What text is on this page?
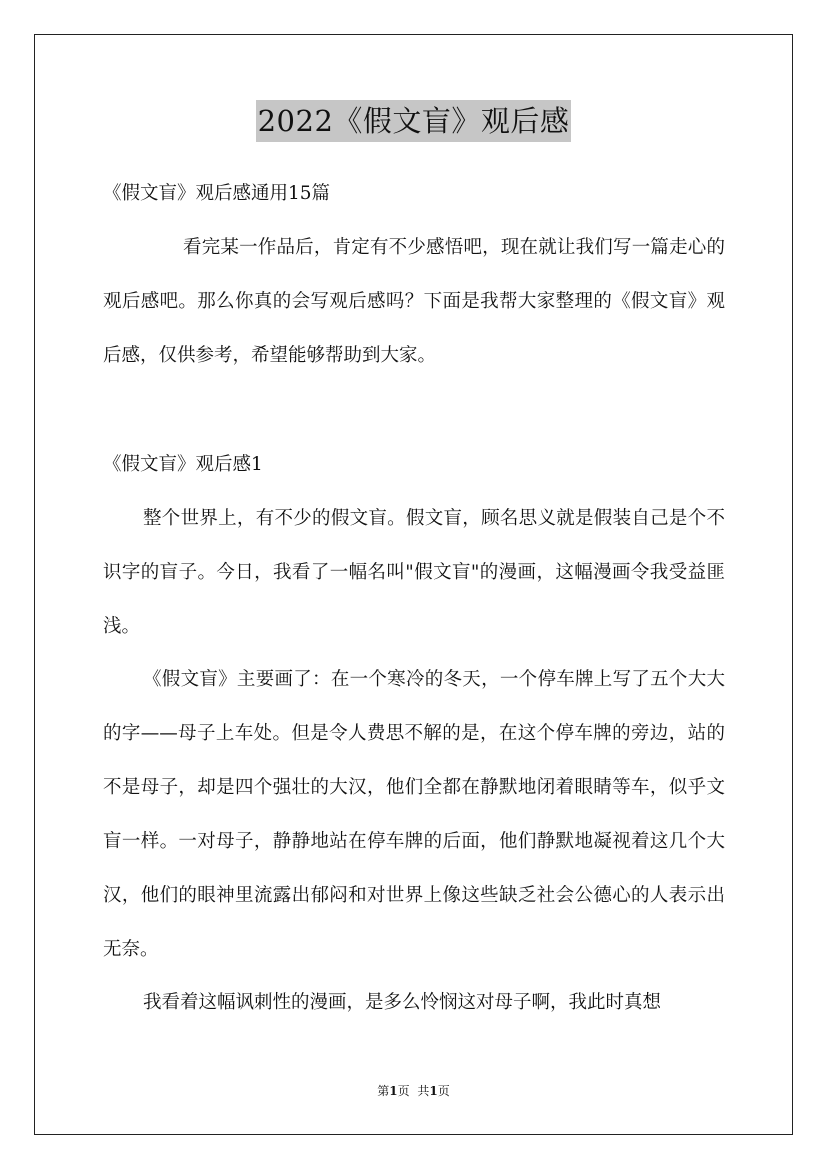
2022《假文盲》观后感
《假文盲》观后感通用15篇

看完某一作品后，肯定有不少感悟吧，现在就让我们写一篇走心的观后感吧。那么你真的会写观后感吗？下面是我帮大家整理的《假文盲》观后感，仅供参考，希望能够帮助到大家。

《假文盲》观后感1

整个世界上，有不少的假文盲。假文盲，顾名思义就是假装自己是个不识字的盲子。今日，我看了一幅名叫"假文盲"的漫画，这幅漫画令我受益匪浅。

《假文盲》主要画了：在一个寒冷的冬天，一个停车牌上写了五个大大的字——母子上车处。但是令人费思不解的是，在这个停车牌的旁边，站的不是母子，却是四个强壮的大汉，他们全都在静默地闭着眼睛等车，似乎文盲一样。一对母子，静静地站在停车牌的后面，他们静默地凝视着这几个大汉，他们的眼神里流露出郁闷和对世界上像这些缺乏社会公德心的人表示出无奈。

我看着这幅讽刺性的漫画，是多么怜悯这对母子啊，我此时真想

第1页 共1页
